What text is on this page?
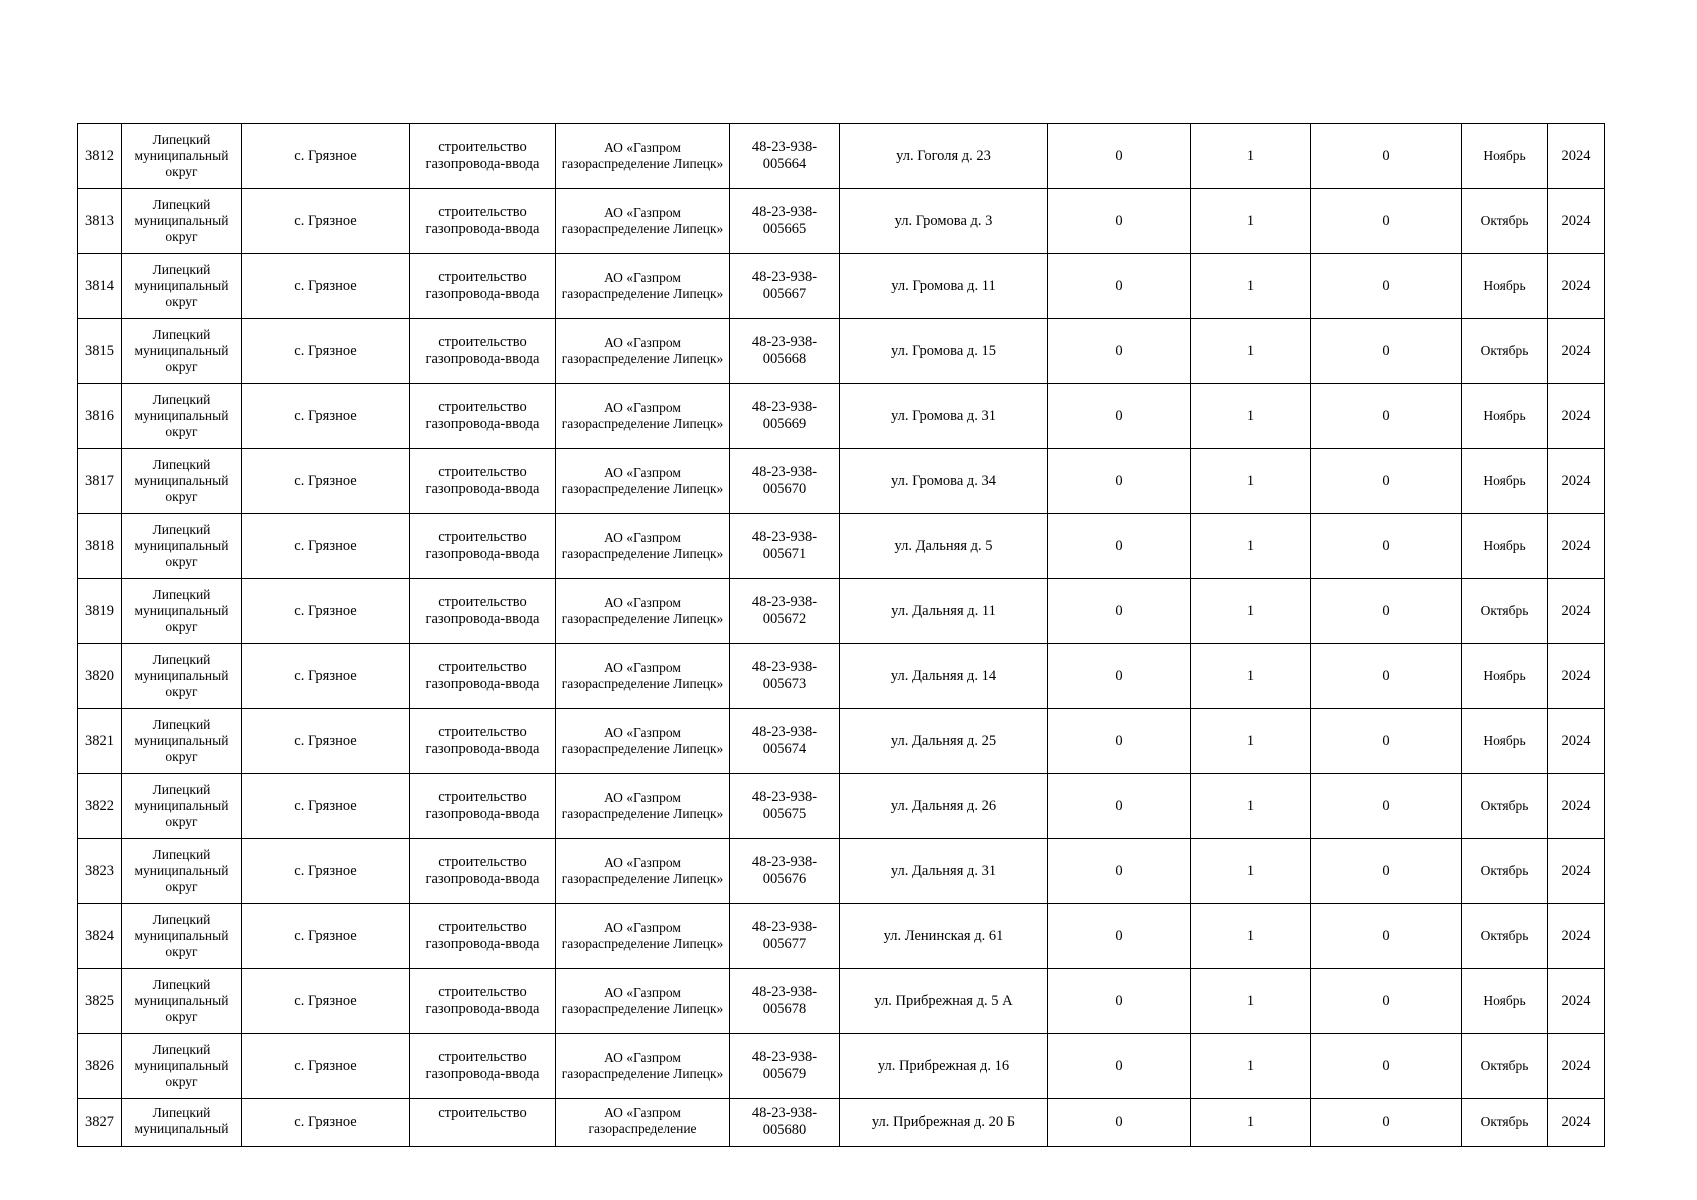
3812	Липецкий муниципальный округ	с. Грязное	строительство газопровода-ввода	АО «Газпром газораспределение Липецк»	48-23-938-005664	ул. Гоголя д. 23	0	1	0	Ноябрь	2024
3813	Липецкий муниципальный округ	с. Грязное	строительство газопровода-ввода	АО «Газпром газораспределение Липецк»	48-23-938-005665	ул. Громова д. 3	0	1	0	Октябрь	2024
3814	Липецкий муниципальный округ	с. Грязное	строительство газопровода-ввода	АО «Газпром газораспределение Липецк»	48-23-938-005667	ул. Громова д. 11	0	1	0	Ноябрь	2024
3815	Липецкий муниципальный округ	с. Грязное	строительство газопровода-ввода	АО «Газпром газораспределение Липецк»	48-23-938-005668	ул. Громова д. 15	0	1	0	Октябрь	2024
3816	Липецкий муниципальный округ	с. Грязное	строительство газопровода-ввода	АО «Газпром газораспределение Липецк»	48-23-938-005669	ул. Громова д. 31	0	1	0	Ноябрь	2024
3817	Липецкий муниципальный округ	с. Грязное	строительство газопровода-ввода	АО «Газпром газораспределение Липецк»	48-23-938-005670	ул. Громова д. 34	0	1	0	Ноябрь	2024
3818	Липецкий муниципальный округ	с. Грязное	строительство газопровода-ввода	АО «Газпром газораспределение Липецк»	48-23-938-005671	ул. Дальняя д. 5	0	1	0	Ноябрь	2024
3819	Липецкий муниципальный округ	с. Грязное	строительство газопровода-ввода	АО «Газпром газораспределение Липецк»	48-23-938-005672	ул. Дальняя д. 11	0	1	0	Октябрь	2024
3820	Липецкий муниципальный округ	с. Грязное	строительство газопровода-ввода	АО «Газпром газораспределение Липецк»	48-23-938-005673	ул. Дальняя д. 14	0	1	0	Ноябрь	2024
3821	Липецкий муниципальный округ	с. Грязное	строительство газопровода-ввода	АО «Газпром газораспределение Липецк»	48-23-938-005674	ул. Дальняя д. 25	0	1	0	Ноябрь	2024
3822	Липецкий муниципальный округ	с. Грязное	строительство газопровода-ввода	АО «Газпром газораспределение Липецк»	48-23-938-005675	ул. Дальняя д. 26	0	1	0	Октябрь	2024
3823	Липецкий муниципальный округ	с. Грязное	строительство газопровода-ввода	АО «Газпром газораспределение Липецк»	48-23-938-005676	ул. Дальняя д. 31	0	1	0	Октябрь	2024
3824	Липецкий муниципальный округ	с. Грязное	строительство газопровода-ввода	АО «Газпром газораспределение Липецк»	48-23-938-005677	ул. Ленинская д. 61	0	1	0	Октябрь	2024
3825	Липецкий муниципальный округ	с. Грязное	строительство газопровода-ввода	АО «Газпром газораспределение Липецк»	48-23-938-005678	ул. Прибрежная д. 5 А	0	1	0	Ноябрь	2024
3826	Липецкий муниципальный округ	с. Грязное	строительство газопровода-ввода	АО «Газпром газораспределение Липецк»	48-23-938-005679	ул. Прибрежная д. 16	0	1	0	Октябрь	2024
3827	Липецкий муниципальный	с. Грязное	строительство	АО «Газпром газораспределение	48-23-938-005680	ул. Прибрежная д. 20 Б	0	1	0	Октябрь	2024
